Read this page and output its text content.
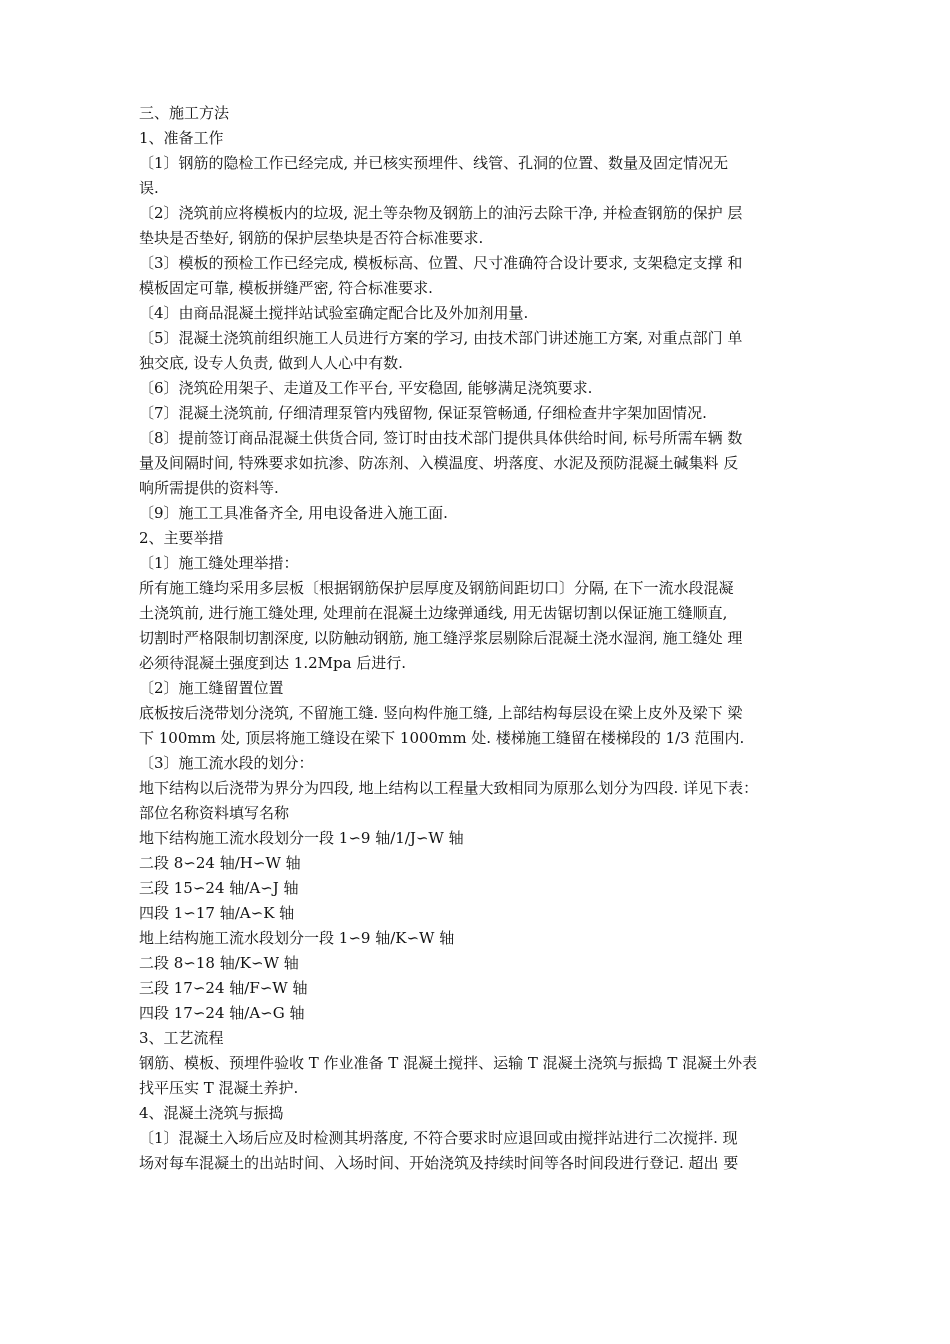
三、施工方法
1、准备工作
〔1〕钢筋的隐检工作已经完成, 并已核实预埋件、线管、孔洞的位置、数量及固定情况无
误.
〔2〕浇筑前应将模板内的垃圾, 泥土等杂物及钢筋上的油污去除干净, 并检查钢筋的保护 层
垫块是否垫好, 钢筋的保护层垫块是否符合标准要求.
〔3〕模板的预检工作已经完成, 模板标高、位置、尺寸准确符合设计要求, 支架稳定支撑 和
模板固定可靠, 模板拼缝严密, 符合标准要求.
〔4〕由商品混凝土搅拌站试验室确定配合比及外加剂用量.
〔5〕混凝土浇筑前组织施工人员进行方案的学习, 由技术部门讲述施工方案, 对重点部门 单
独交底, 设专人负责, 做到人人心中有数.
〔6〕浇筑砼用架子、走道及工作平台, 平安稳固, 能够满足浇筑要求.
〔7〕混凝土浇筑前, 仔细清理泵管内残留物, 保证泵管畅通, 仔细检查井字架加固情况.
〔8〕提前签订商品混凝土供货合同, 签订时由技术部门提供具体供给时间, 标号所需车辆 数
量及间隔时间, 特殊要求如抗渗、防冻剂、入模温度、坍落度、水泥及预防混凝土碱集料 反
响所需提供的资料等.
〔9〕施工工具准备齐全, 用电设备进入施工面.
2、主要举措
〔1〕施工缝处理举措：
所有施工缝均采用多层板〔根据钢筋保护层厚度及钢筋间距切口〕分隔, 在下一流水段混凝
土浇筑前, 进行施工缝处理, 处理前在混凝土边缘弹通线, 用无齿锯切割以保证施工缝顺直,
切割时严格限制切割深度, 以防触动钢筋, 施工缝浮浆层剔除后混凝土浇水湿润, 施工缝处 理
必须待混凝土强度到达 1.2Mpa 后进行.
〔2〕施工缝留置位置
底板按后浇带划分浇筑, 不留施工缝. 竖向构件施工缝, 上部结构每层设在梁上皮外及梁下 梁
下 100mm 处, 顶层将施工缝设在梁下 1000mm 处. 楼梯施工缝留在楼梯段的 1/3 范围内.
〔3〕施工流水段的划分：
地下结构以后浇带为界分为四段, 地上结构以工程量大致相同为原那么划分为四段. 详见下表：
部位名称资料填写名称
地下结构施工流水段划分一段 1∽9 轴/1/J∽W 轴
二段 8∽24 轴/H∽W 轴
三段 15∽24 轴/A∽J 轴
四段 1∽17 轴/A∽K 轴
地上结构施工流水段划分一段 1∽9 轴/K∽W 轴
二段 8∽18 轴/K∽W 轴
三段 17∽24 轴/F∽W 轴
四段 17∽24 轴/A∽G 轴
3、工艺流程
钢筋、模板、预埋件验收 T 作业准备 T 混凝土搅拌、运输 T 混凝土浇筑与振捣 T 混凝土外表
找平压实 T 混凝土养护.
4、混凝土浇筑与振捣
〔1〕混凝土入场后应及时检测其坍落度, 不符合要求时应退回或由搅拌站进行二次搅拌. 现
场对每车混凝土的出站时间、入场时间、开始浇筑及持续时间等各时间段进行登记. 超出 要
